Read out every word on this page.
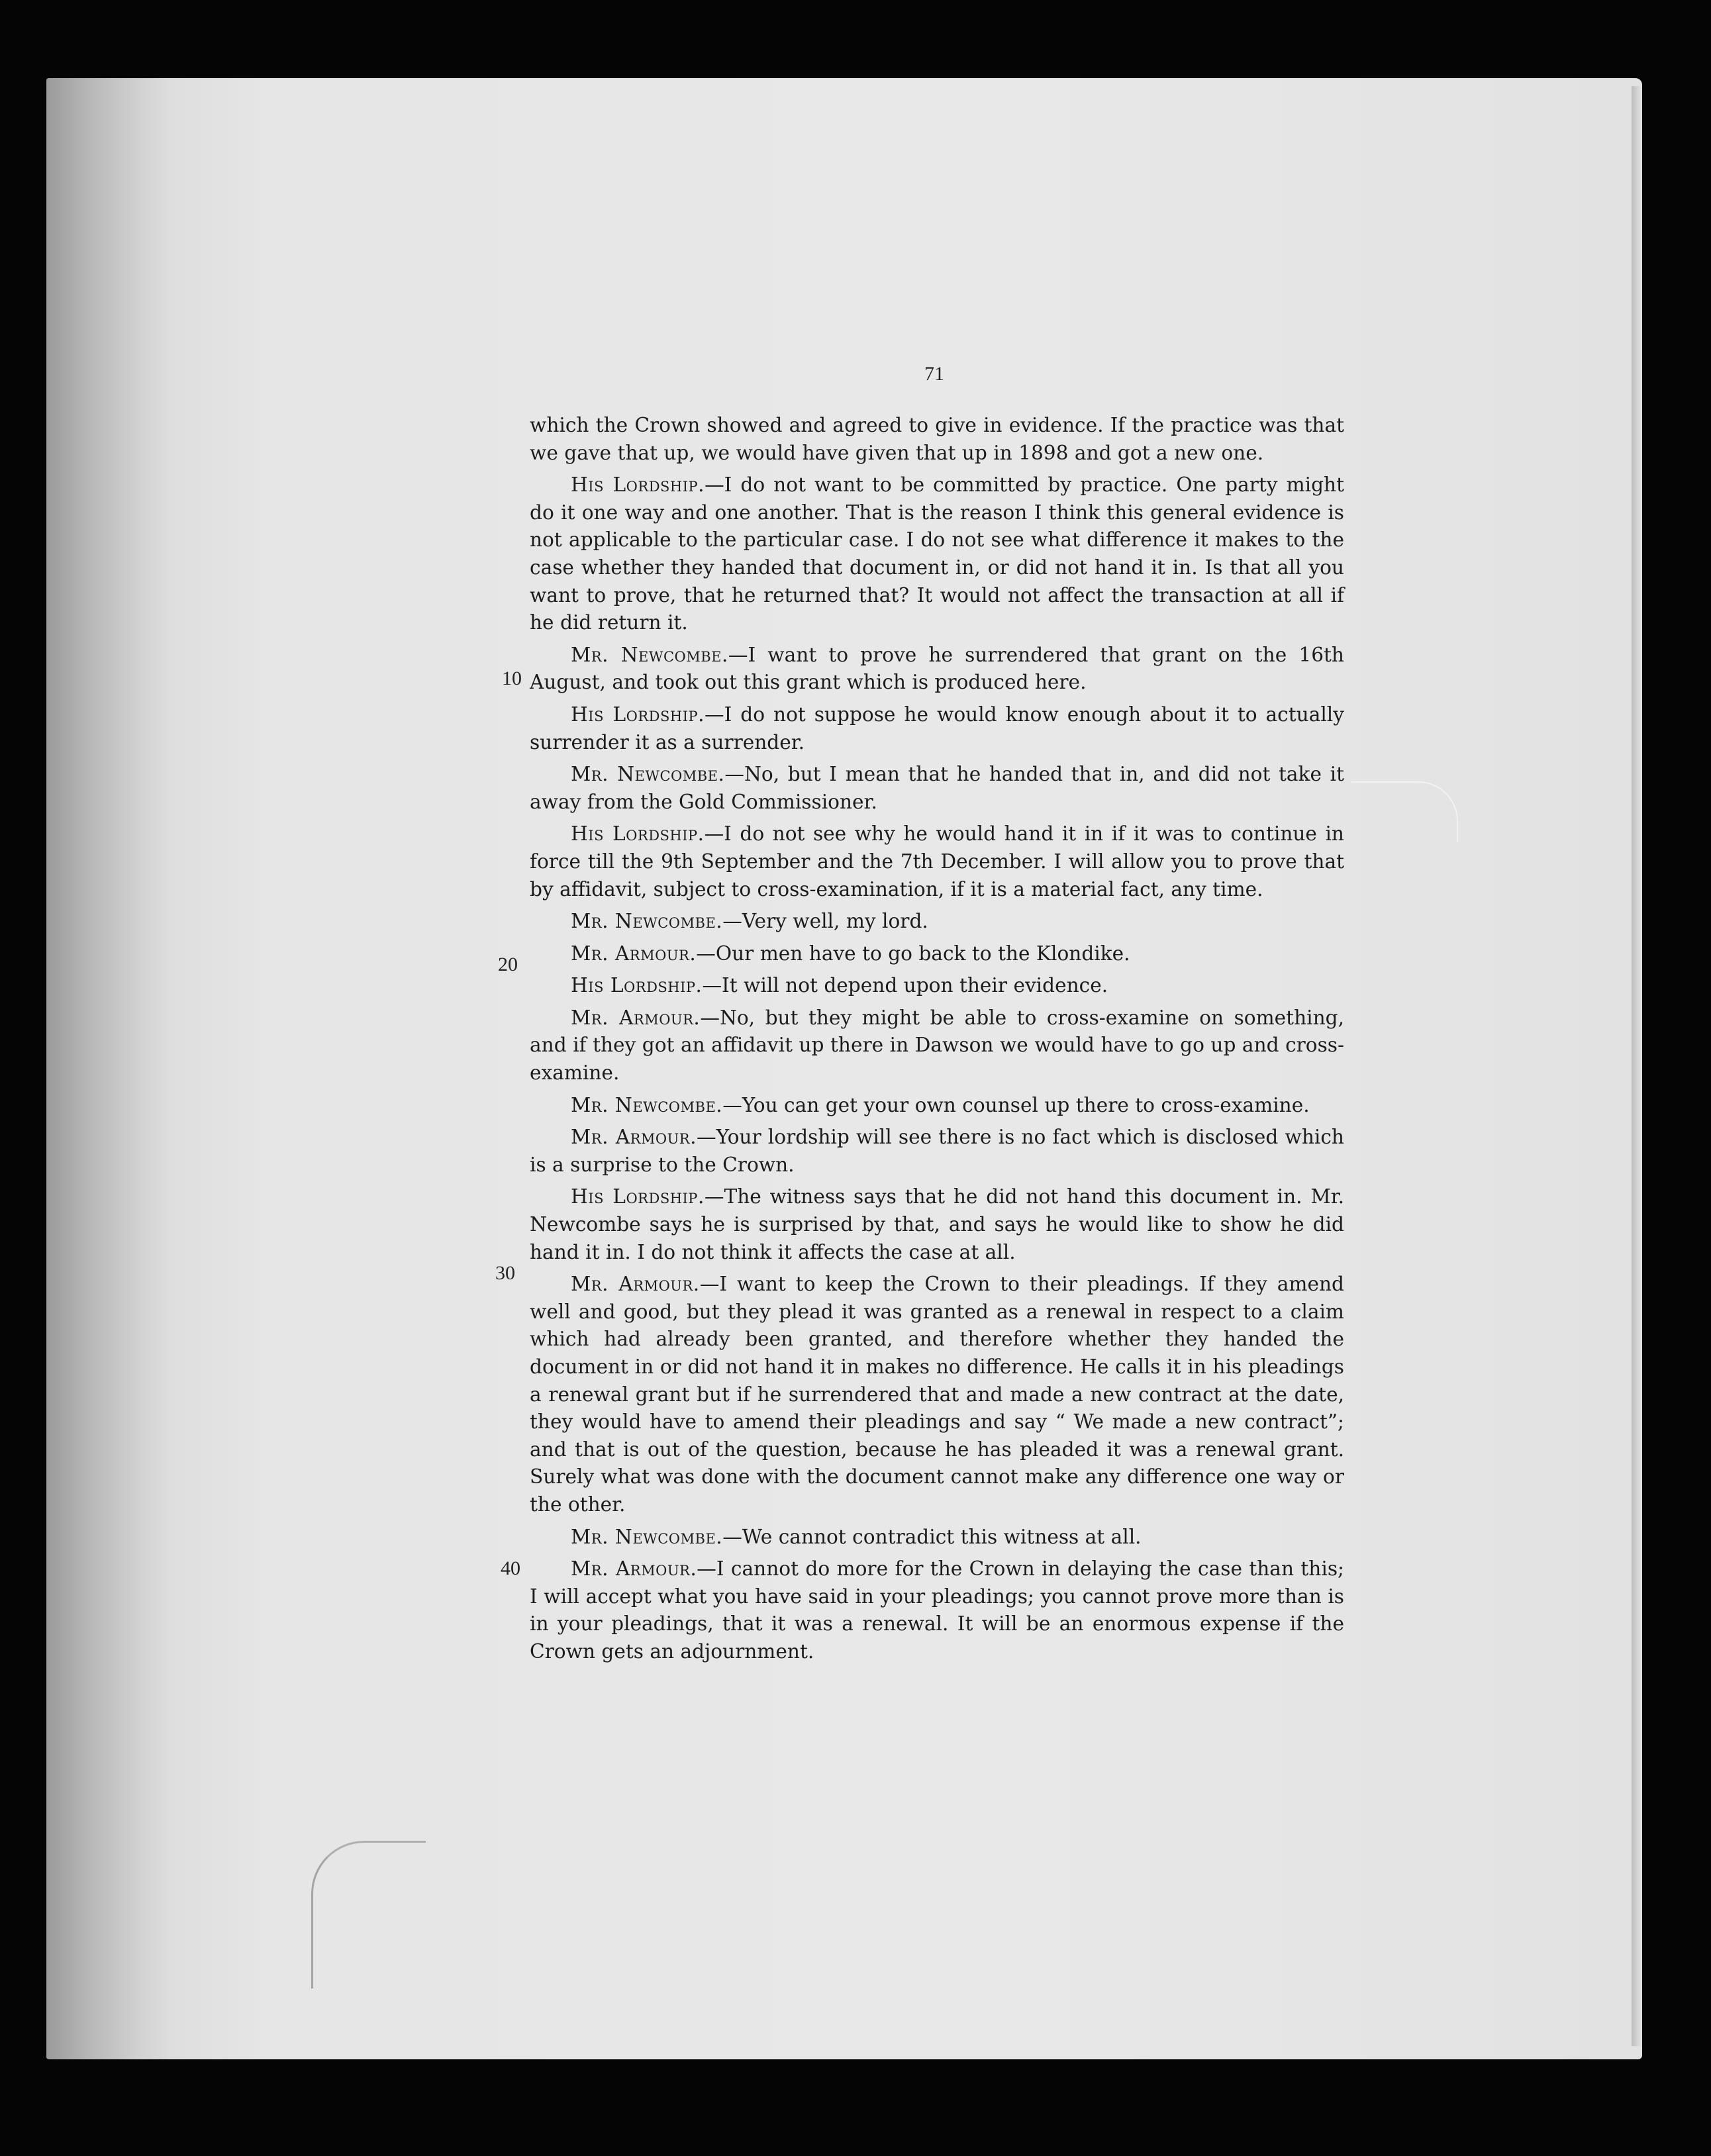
71
10
20
30
40

which the Crown showed and agreed to give in evidence. If the practice was that we gave that up, we would have given that up in 1898 and got a new one.

His Lordship.—I do not want to be committed by practice. One party might do it one way and one another. That is the reason I think this general evidence is not applicable to the particular case. I do not see what difference it makes to the case whether they handed that document in, or did not hand it in. Is that all you want to prove, that he returned that? It would not affect the transaction at all if he did return it.

Mr. Newcombe.—I want to prove he surrendered that grant on the 16th August, and took out this grant which is produced here.

His Lordship.—I do not suppose he would know enough about it to actually surrender it as a surrender.

Mr. Newcombe.—No, but I mean that he handed that in, and did not take it away from the Gold Commissioner.

His Lordship.—I do not see why he would hand it in if it was to continue in force till the 9th September and the 7th December. I will allow you to prove that by affidavit, subject to cross-examination, if it is a material fact, any time.

Mr. Newcombe.—Very well, my lord.

Mr. Armour.—Our men have to go back to the Klondike.

His Lordship.—It will not depend upon their evidence.

Mr. Armour.—No, but they might be able to cross-examine on something, and if they got an affidavit up there in Dawson we would have to go up and cross-examine.

Mr. Newcombe.—You can get your own counsel up there to cross-examine.

Mr. Armour.—Your lordship will see there is no fact which is disclosed which is a surprise to the Crown.

His Lordship.—The witness says that he did not hand this document in. Mr. Newcombe says he is surprised by that, and says he would like to show he did hand it in. I do not think it affects the case at all.

Mr. Armour.—I want to keep the Crown to their pleadings. If they amend well and good, but they plead it was granted as a renewal in respect to a claim which had already been granted, and therefore whether they handed the document in or did not hand it in makes no difference. He calls it in his pleadings a renewal grant but if he surrendered that and made a new contract at the date, they would have to amend their pleadings and say “ We made a new contract”; and that is out of the question, because he has pleaded it was a renewal grant. Surely what was done with the document cannot make any difference one way or the other.

Mr. Newcombe.—We cannot contradict this witness at all.

Mr. Armour.—I cannot do more for the Crown in delaying the case than this; I will accept what you have said in your pleadings; you cannot prove more than is in your pleadings, that it was a renewal. It will be an enormous expense if the Crown gets an adjournment.
